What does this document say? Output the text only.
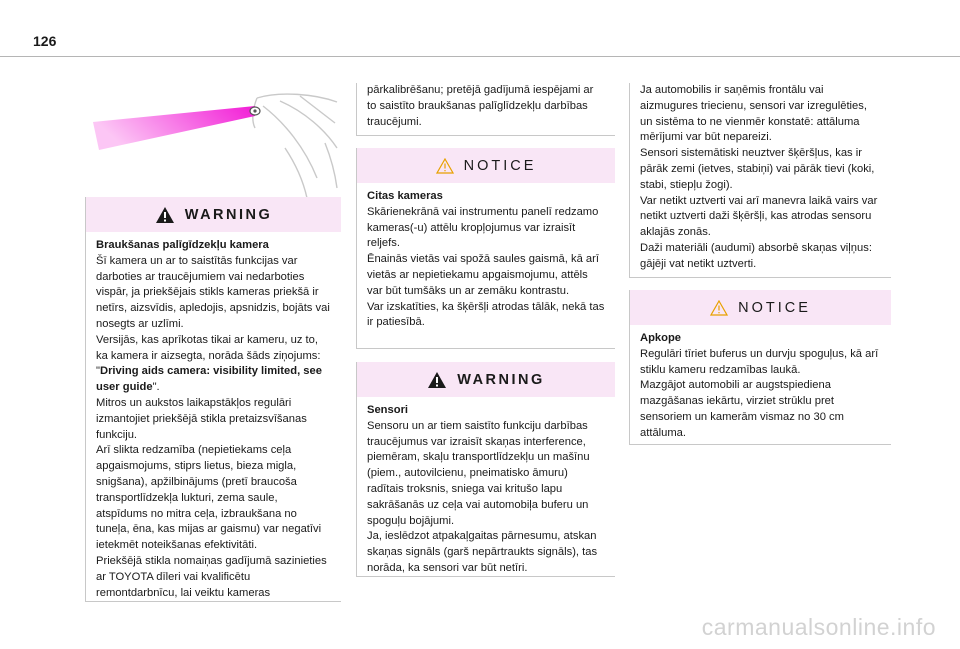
126
WARNING
Braukšanas palīgīdzekļu kamera
Šī kamera un ar to saistītās funkcijas var darboties ar traucējumiem vai nedarboties vispār, ja priekšējais stikls kameras priekšā ir netīrs, aizsvīdis, apledojis, apsnidzis, bojāts vai nosegts ar uzlīmi.
Versijās, kas aprīkotas tikai ar kameru, uz to, ka kamera ir aizsegta, norāda šāds ziņojums: "Driving aids camera: visibility limited, see user guide".
Mitros un aukstos laikapstākļos regulāri izmantojiet priekšējā stikla pretaizsvīšanas funkciju.
Arī slikta redzamība (nepietiekams ceļa apgaismojums, stiprs lietus, bieza migla, snigšana), apžilbinājums (pretī braucoša transportlīdzekļa lukturi, zema saule, atspīdums no mitra ceļa, izbraukšana no tuneļa, ēna, kas mijas ar gaismu) var negatīvi ietekmēt noteikšanas efektivitāti.
Priekšējā stikla nomaiņas gadījumā sazinieties ar TOYOTA dīleri vai kvalificētu remontdarbnīcu, lai veiktu kameras
pārkalibrēšanu; pretējā gadījumā iespējami ar to saistīto braukšanas palīglīdzekļu darbības traucējumi.
NOTICE
Citas kameras
Skārienekrānā vai instrumentu panelī redzamo kameras(-u) attēlu kropļojumus var izraisīt reljefs.
Ēnainās vietās vai spožā saules gaismā, kā arī vietās ar nepietiekamu apgaismojumu, attēls var būt tumšāks un ar zemāku kontrastu.
Var izskatīties, ka šķēršļi atrodas tālāk, nekā tas ir patiesībā.
WARNING
Sensori
Sensoru un ar tiem saistīto funkciju darbības traucējumus var izraisīt skaņas interference, piemēram, skaļu transportlīdzekļu un mašīnu (piem., autovilcienu, pneimatisko āmuru) radītais troksnis, sniega vai kritušo lapu sakrāšanās uz ceļa vai automobiļa buferu un spoguļu bojājumi.
Ja, ieslēdzot atpakaļgaitas pārnesumu, atskan skaņas signāls (garš nepārtraukts signāls), tas norāda, ka sensori var būt netīri.
Ja automobilis ir saņēmis frontālu vai aizmugures triecienu, sensori var izregulēties, un sistēma to ne vienmēr konstatē: attāluma mērījumi var būt nepareizi.
Sensori sistemātiski neuztver šķēršļus, kas ir pārāk zemi (ietves, stabiņi) vai pārāk tievi (koki, stabi, stiepļu žogi).
Var netikt uztverti vai arī manevra laikā vairs var netikt uztverti daži šķēršļi, kas atrodas sensoru aklajās zonās.
Daži materiāli (audumi) absorbē skaņas viļņus: gājēji vat netikt uztverti.
NOTICE
Apkope
Regulāri tīriet buferus un durvju spoguļus, kā arī stiklu kameru redzamības laukā.
Mazgājot automobili ar augstspiediena mazgāšanas iekārtu, virziet strūklu pret sensoriem un kamerām vismaz no 30 cm attāluma.
carmanualsonline.info
